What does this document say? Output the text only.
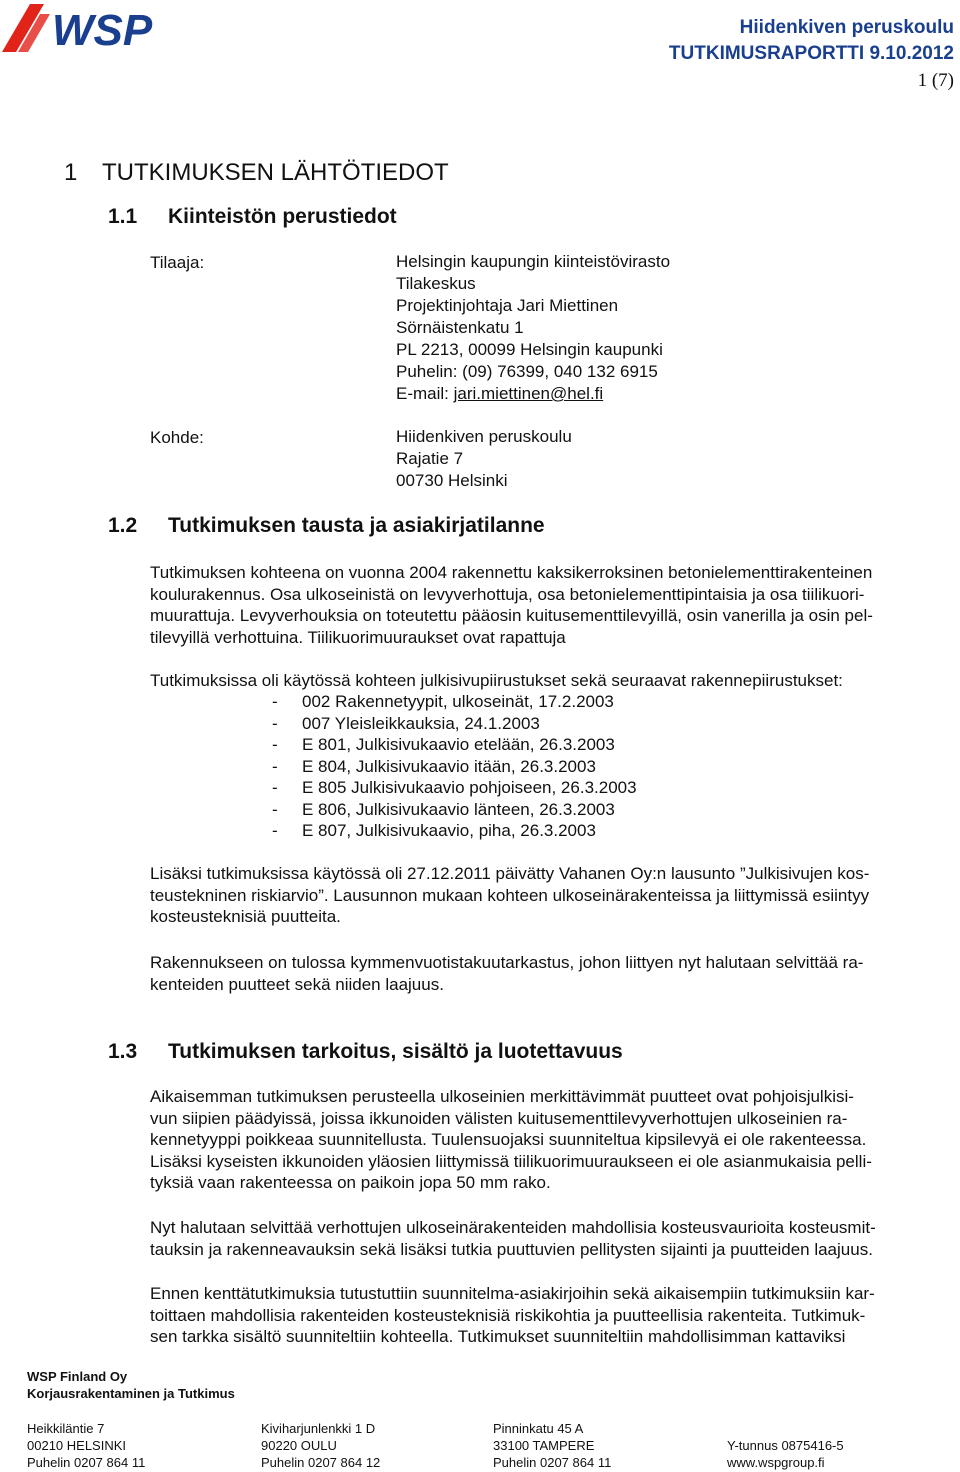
WSP	Hiidenkiven peruskoulu
TUTKIMUSRAPORTTI 9.10.2012
1 (7)
1 TUTKIMUKSEN LÄHTÖTIEDOT
1.1 Kiinteistön perustiedot
Tilaaja:	Helsingin kaupungin kiinteistövirasto
Tilakeskus
Projektinjohtaja Jari Miettinen
Sörnäistenkatu 1
PL 2213, 00099 Helsingin kaupunki
Puhelin: (09) 76399, 040 132 6915
E-mail: jari.miettinen@hel.fi
Kohde:	Hiidenkiven peruskoulu
Rajatie 7
00730 Helsinki
1.2 Tutkimuksen tausta ja asiakirjatilanne
Tutkimuksen kohteena on vuonna 2004 rakennettu kaksikerroksinen betonielementtirakenteinen
koulurakennus. Osa ulkoseinistä on levyverhottuja, osa betonielementtipintaisia ja osa tiilikuori-
muurattuja. Levyverhouksia on toteutettu pääosin kuitusementtilevyillä, osin vanerilla ja osin pel-
tilevyillä verhottuina. Tiilikuorimuuraukset ovat rapattuja
Tutkimuksissa oli käytössä kohteen julkisivupiirustukset sekä seuraavat rakennepiirustukset:
- 002 Rakennetyypit, ulkoseinät, 17.2.2003
- 007 Yleisleikkauksia, 24.1.2003
- E 801, Julkisivukaavio etelään, 26.3.2003
- E 804, Julkisivukaavio itään, 26.3.2003
- E 805 Julkisivukaavio pohjoiseen, 26.3.2003
- E 806, Julkisivukaavio länteen, 26.3.2003
- E 807, Julkisivukaavio, piha, 26.3.2003
Lisäksi tutkimuksissa käytössä oli 27.12.2011 päivätty Vahanen Oy:n lausunto ”Julkisivujen kos-
teustekninen riskiarvio”. Lausunnon mukaan kohteen ulkoseinärakenteissa ja liittymissä esiintyy
kosteusteknisiä puutteita.
Rakennukseen on tulossa kymmenvuotistakuutarkastus, johon liittyen nyt halutaan selvittää ra-
kenteiden puutteet sekä niiden laajuus.
1.3 Tutkimuksen tarkoitus, sisältö ja luotettavuus
Aikaisemman tutkimuksen perusteella ulkoseinien merkittävimmät puutteet ovat pohjoisjulkisi-
vun siipien päädyissä, joissa ikkunoiden välisten kuitusementtilevyverhottujen ulkoseinien ra-
kennetyyppi poikkeaa suunnitellusta. Tuulensuojaksi suunniteltua kipsilevyä ei ole rakenteessa.
Lisäksi kyseisten ikkunoiden yläosien liittymissä tiilikuorimuuraukseen ei ole asianmukaisia pelli-
tyksiä vaan rakenteessa on paikoin jopa 50 mm rako.
Nyt halutaan selvittää verhottujen ulkoseinärakenteiden mahdollisia kosteusvaurioita kosteusmit-
tauksin ja rakenneavauksin sekä lisäksi tutkia puuttuvien pellitysten sijainti ja puutteiden laajuus.
Ennen kenttätutkimuksia tutustuttiin suunnitelma-asiakirjoihin sekä aikaisempiin tutkimuksiin kar-
toittaen mahdollisia rakenteiden kosteusteknisiä riskikohtia ja puutteellisia rakenteita. Tutkimuk-
sen tarkka sisältö suunniteltiin kohteella. Tutkimukset suunniteltiin mahdollisimman kattaviksi
WSP Finland Oy
Korjausrakentaminen ja Tutkimus
Heikkiläntie 7
00210 HELSINKI
Puhelin 0207 864 11
Kiviharjunlenkki 1 D
90220 OULU
Puhelin 0207 864 12
Pinninkatu 45 A
33100 TAMPERE
Puhelin 0207 864 11
Y-tunnus 0875416-5
www.wspgroup.fi
